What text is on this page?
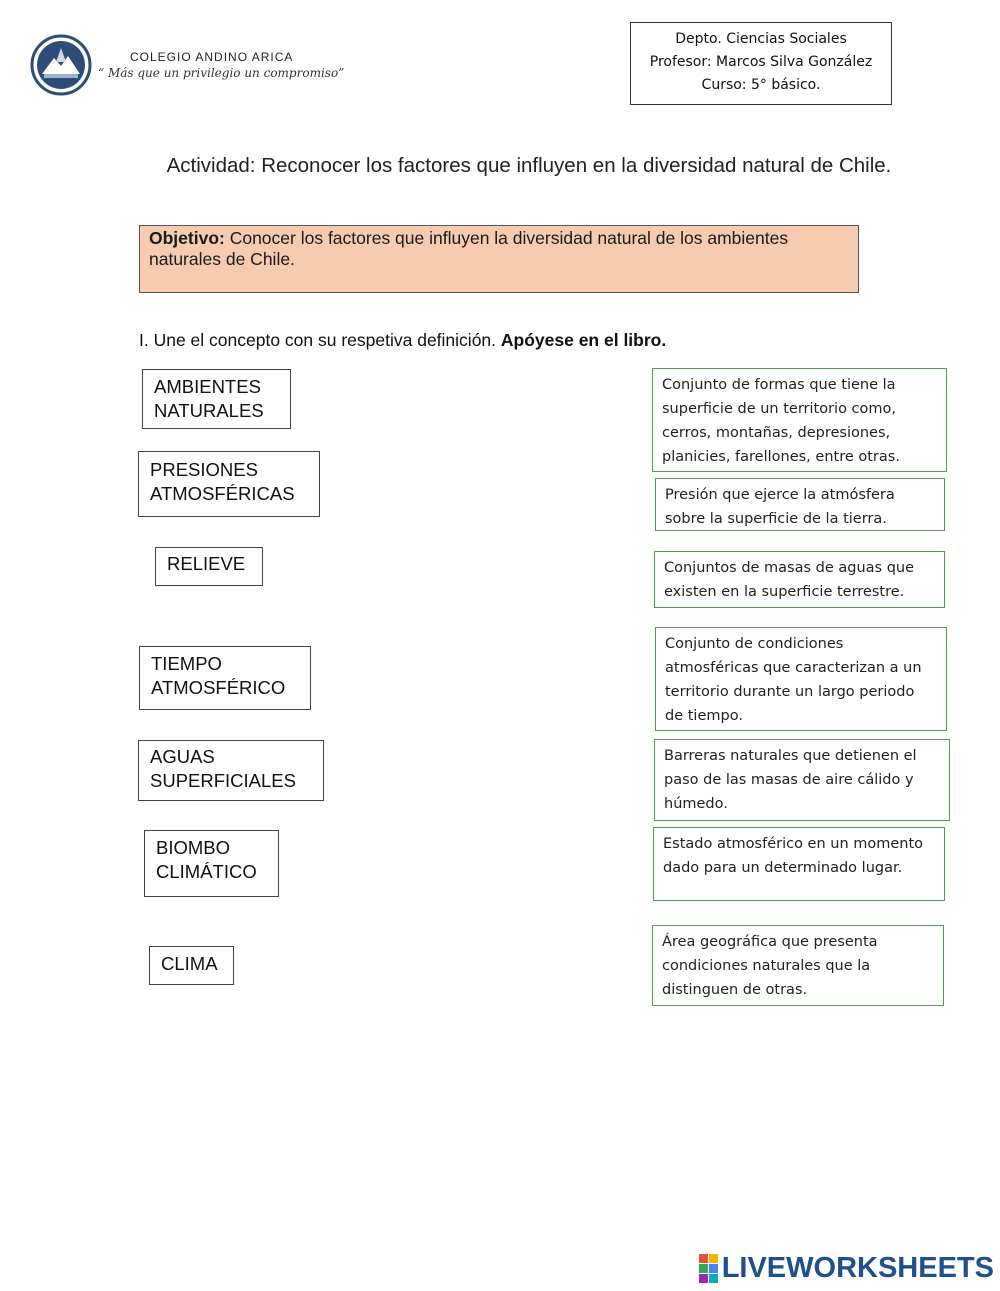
COLEGIO ANDINO ARICA
“ Más que un privilegio un compromiso”
Depto. Ciencias Sociales
Profesor: Marcos Silva González
Curso: 5° básico.
Actividad: Reconocer los factores que influyen en la diversidad natural de Chile.
Objetivo: Conocer los factores que influyen la diversidad natural de los ambientes naturales de Chile.
I. Une el concepto con su respetiva definición. Apóyese en el libro.
AMBIENTES NATURALES
PRESIONES ATMOSFÉRICAS
RELIEVE
TIEMPO ATMOSFÉRICO
AGUAS SUPERFICIALES
BIOMBO CLIMÁTICO
CLIMA
Conjunto de formas que tiene la superficie de un territorio como, cerros, montañas, depresiones, planicies, farellones, entre otras.
Presión que ejerce la atmósfera sobre la superficie de la tierra.
Conjuntos de masas de aguas que existen en la superficie terrestre.
Conjunto de condiciones atmosféricas que caracterizan a un territorio durante un largo periodo de tiempo.
Barreras naturales que detienen el paso de las masas de aire cálido y húmedo.
Estado atmosférico en un momento dado para un determinado lugar.
Área geográfica que presenta condiciones naturales que la distinguen de otras.
LIVEWORKSHEETS
